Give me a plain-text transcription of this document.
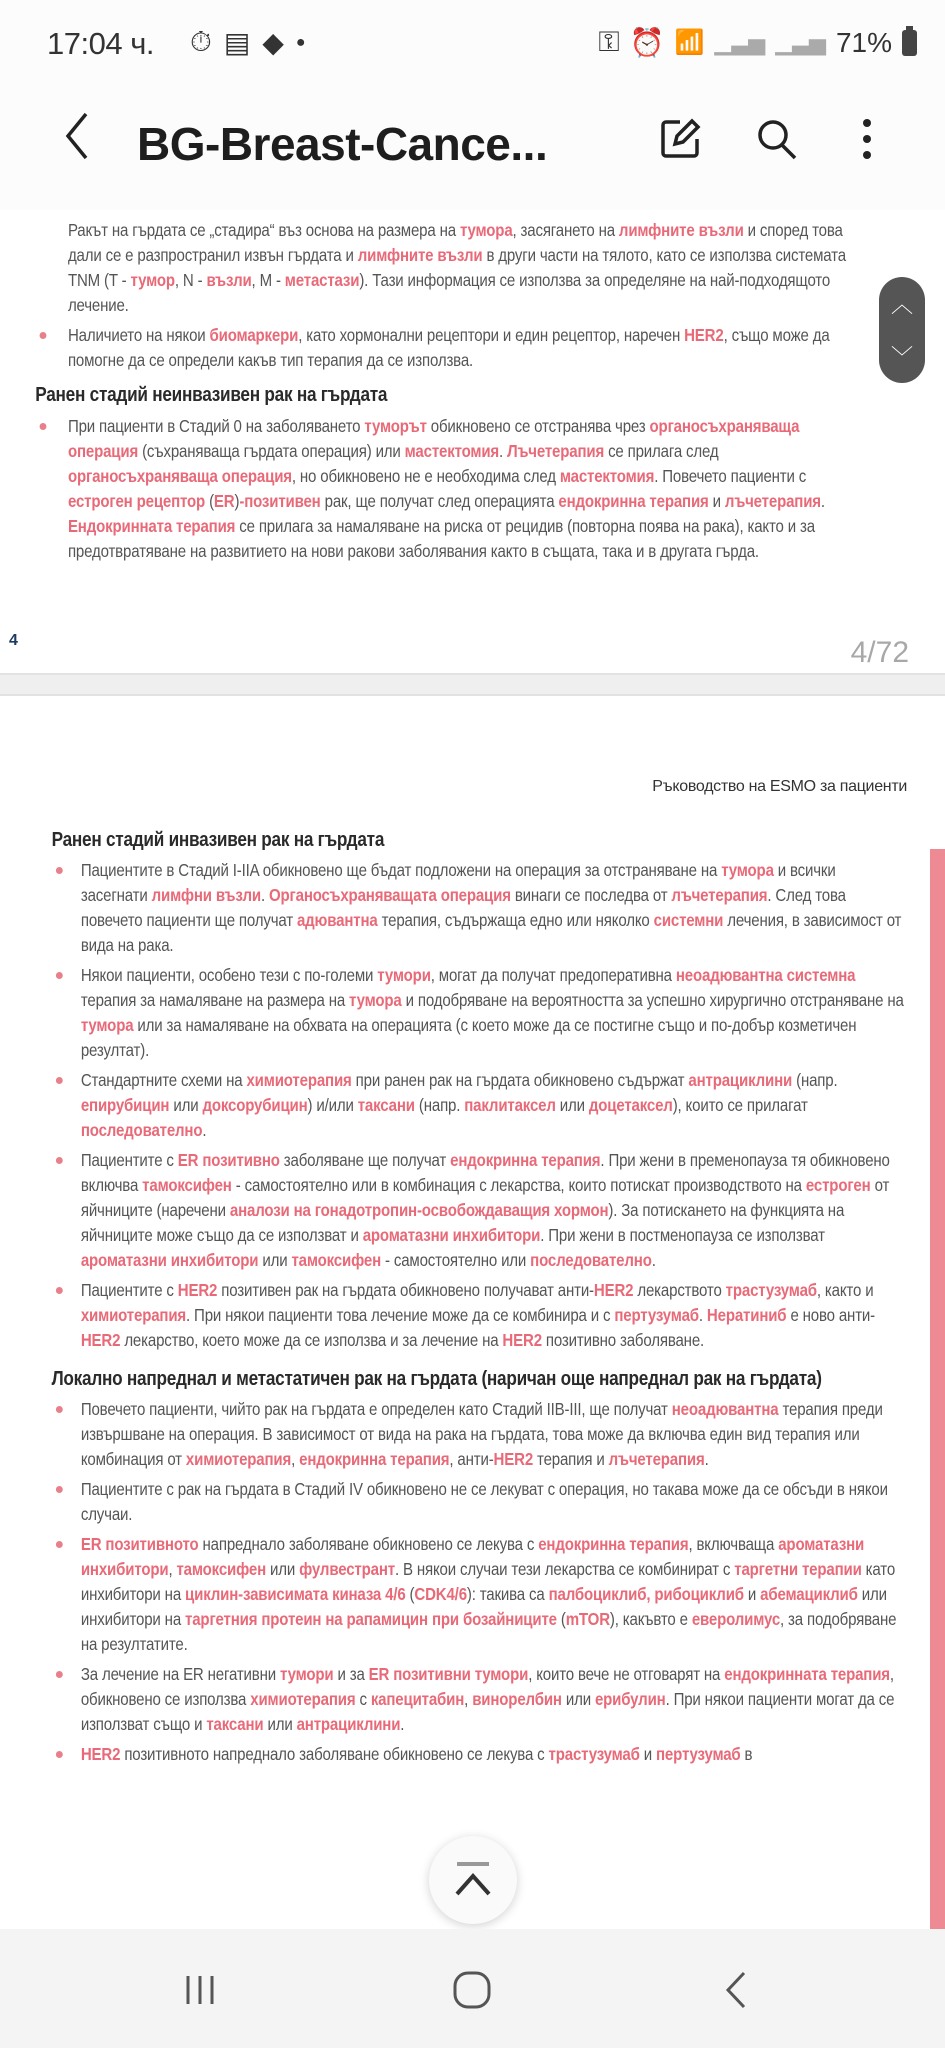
17:04 ч. ⏱ ▤ ◆ ●	⚿ ⏰ 📶 ▁▃▅ ▁▃▅ 71%
BG-Breast-Cance...
︿
﹀

Ракът на гърдата се „стадира“ въз основа на размера на тумора, засягането на лимфните възли и според това дали се е разпространил извън гърдата и лимфните възли в други части на тялото, като се използва системата TNM (T - тумор, N - възли, M - метастази). Тази информация се използва за определяне на най-подходящото лечение.

Наличието на някои биомаркери, като хормонални рецептори и един рецептор, наречен HER2, също може да помогне да се определи какъв тип терапия да се използва.

Ранен стадий неинвазивен рак на гърдата

При пациенти в Стадий 0 на заболяването туморът обикновено се отстранява чрез органосъхраняваща операция (съхраняваща гърдата операция) или мастектомия. Лъчетерапия се прилага след органосъхраняваща операция, но обикновено не е необходима след мастектомия. Повечето пациенти с естроген рецептор (ER)-позитивен рак, ще получат след операцията ендокринна терапия и лъчетерапия. Ендокринната терапия се прилага за намаляване на риска от рецидив (повторна поява на рака), както и за предотвратяване на развитието на нови ракови заболявания както в същата, така и в другата гърда.

4	4/72
Ръководство на ESMO за пациенти
Ранен стадий инвазивен рак на гърдата

Пациентите в Стадий I-IIA обикновено ще бъдат подложени на операция за отстраняване на тумора и всички засегнати лимфни възли. Органосъхраняващата операция винаги се последва от лъчетерапия. След това повечето пациенти ще получат адювантна терапия, съдържаща едно или няколко системни лечения, в зависимост от вида на рака.

Някои пациенти, особено тези с по-големи тумори, могат да получат предоперативна неоадювантна системна терапия за намаляване на размера на тумора и подобряване на вероятността за успешно хирургично отстраняване на тумора или за намаляване на обхвата на операцията (с което може да се постигне също и по-добър козметичен резултат).

Стандартните схеми на химиотерапия при ранен рак на гърдата обикновено съдържат антрациклини (напр. епирубицин или доксорубицин) и/или таксани (напр. паклитаксел или доцетаксел), които се прилагат последователно.

Пациентите с ER позитивно заболяване ще получат ендокринна терапия. При жени в пременопауза тя обикновено включва тамоксифен - самостоятелно или в комбинация с лекарства, които потискат производството на естроген от яйчниците (наречени аналози на гонадотропин-освобождаващия хормон). За потискането на функцията на яйчниците може също да се използват и ароматазни инхибитори. При жени в постменопауза се използват ароматазни инхибитори или тамоксифен - самостоятелно или последователно.

Пациентите с HER2 позитивен рак на гърдата обикновено получават анти-HER2 лекарството трастузумаб, както и химиотерапия. При някои пациенти това лечение може да се комбинира и с пертузумаб. Нератиниб е ново анти-HER2 лекарство, което може да се използва и за лечение на HER2 позитивно заболяване.

Локално напреднал и метастатичен рак на гърдата (наричан още напреднал рак на гърдата)

Повечето пациенти, чийто рак на гърдата е определен като Стадий IIB-III, ще получат неоадювантна терапия преди извършване на операция. В зависимост от вида на рака на гърдата, това може да включва един вид терапия или комбинация от химиотерапия, ендокринна терапия, анти-HER2 терапия и лъчетерапия.

Пациентите с рак на гърдата в Стадий IV обикновено не се лекуват с операция, но такава може да се обсъди в някои случаи.

ER позитивното напреднало заболяване обикновено се лекува с ендокринна терапия, включваща ароматазни инхибитори, тамоксифен или фулвестрант. В някои случаи тези лекарства се комбинират с таргетни терапии като инхибитори на циклин-зависимата киназа 4/6 (CDK4/6): такива са палбоциклиб, рибоциклиб и абемациклиб или инхибитори на таргетния протеин на рапамицин при бозайниците (mTOR), какъвто е еверолимус, за подобряване на резултатите.

За лечение на ER негативни тумори и за ER позитивни тумори, които вече не отговарят на ендокринната терапия, обикновено се използва химиотерапия с капецитабин, винорелбин или ерибулин. При някои пациенти могат да се използват също и таксани или антрациклини.

HER2 позитивното напреднало заболяване обикновено се лекува с трастузумаб и пертузумаб в
